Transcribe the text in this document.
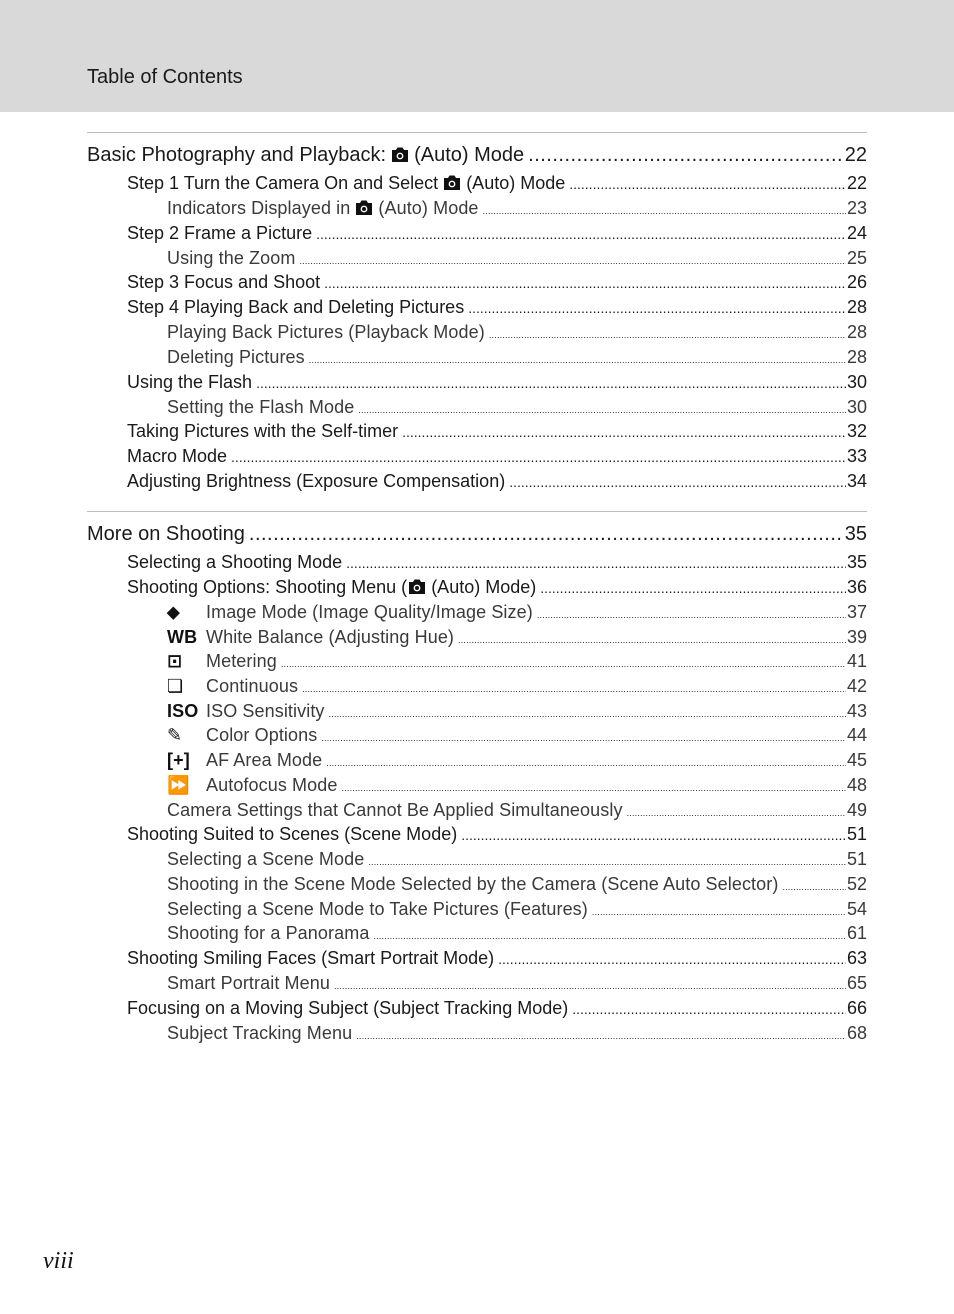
Table of Contents
Basic Photography and Playback: (Auto) Mode .....	22
Step 1 Turn the Camera On and Select (Auto) Mode .....	22
Indicators Displayed in (Auto) Mode .....	23
Step 2 Frame a Picture .....	24
Using the Zoom .....	25
Step 3 Focus and Shoot .....	26
Step 4 Playing Back and Deleting Pictures .....	28
Playing Back Pictures (Playback Mode) .....	28
Deleting Pictures .....	28
Using the Flash .....	30
Setting the Flash Mode .....	30
Taking Pictures with the Self-timer .....	32
Macro Mode .....	33
Adjusting Brightness (Exposure Compensation) .....	34
More on Shooting .....	35
Selecting a Shooting Mode .....	35
Shooting Options: Shooting Menu ( (Auto) Mode) .....	36
⬥ Image Mode (Image Quality/Image Size) .....	37
WB White Balance (Adjusting Hue) .....	39
⊡ Metering .....	41
❏ Continuous .....	42
ISO ISO Sensitivity .....	43
✎ Color Options .....	44
[+] AF Area Mode .....	45
⏩ Autofocus Mode .....	48
Camera Settings that Cannot Be Applied Simultaneously .....	49
Shooting Suited to Scenes (Scene Mode) .....	51
Selecting a Scene Mode .....	51
Shooting in the Scene Mode Selected by the Camera (Scene Auto Selector) .....	52
Selecting a Scene Mode to Take Pictures (Features) .....	54
Shooting for a Panorama .....	61
Shooting Smiling Faces (Smart Portrait Mode) .....	63
Smart Portrait Menu .....	65
Focusing on a Moving Subject (Subject Tracking Mode) .....	66
Subject Tracking Menu .....	68
viii
